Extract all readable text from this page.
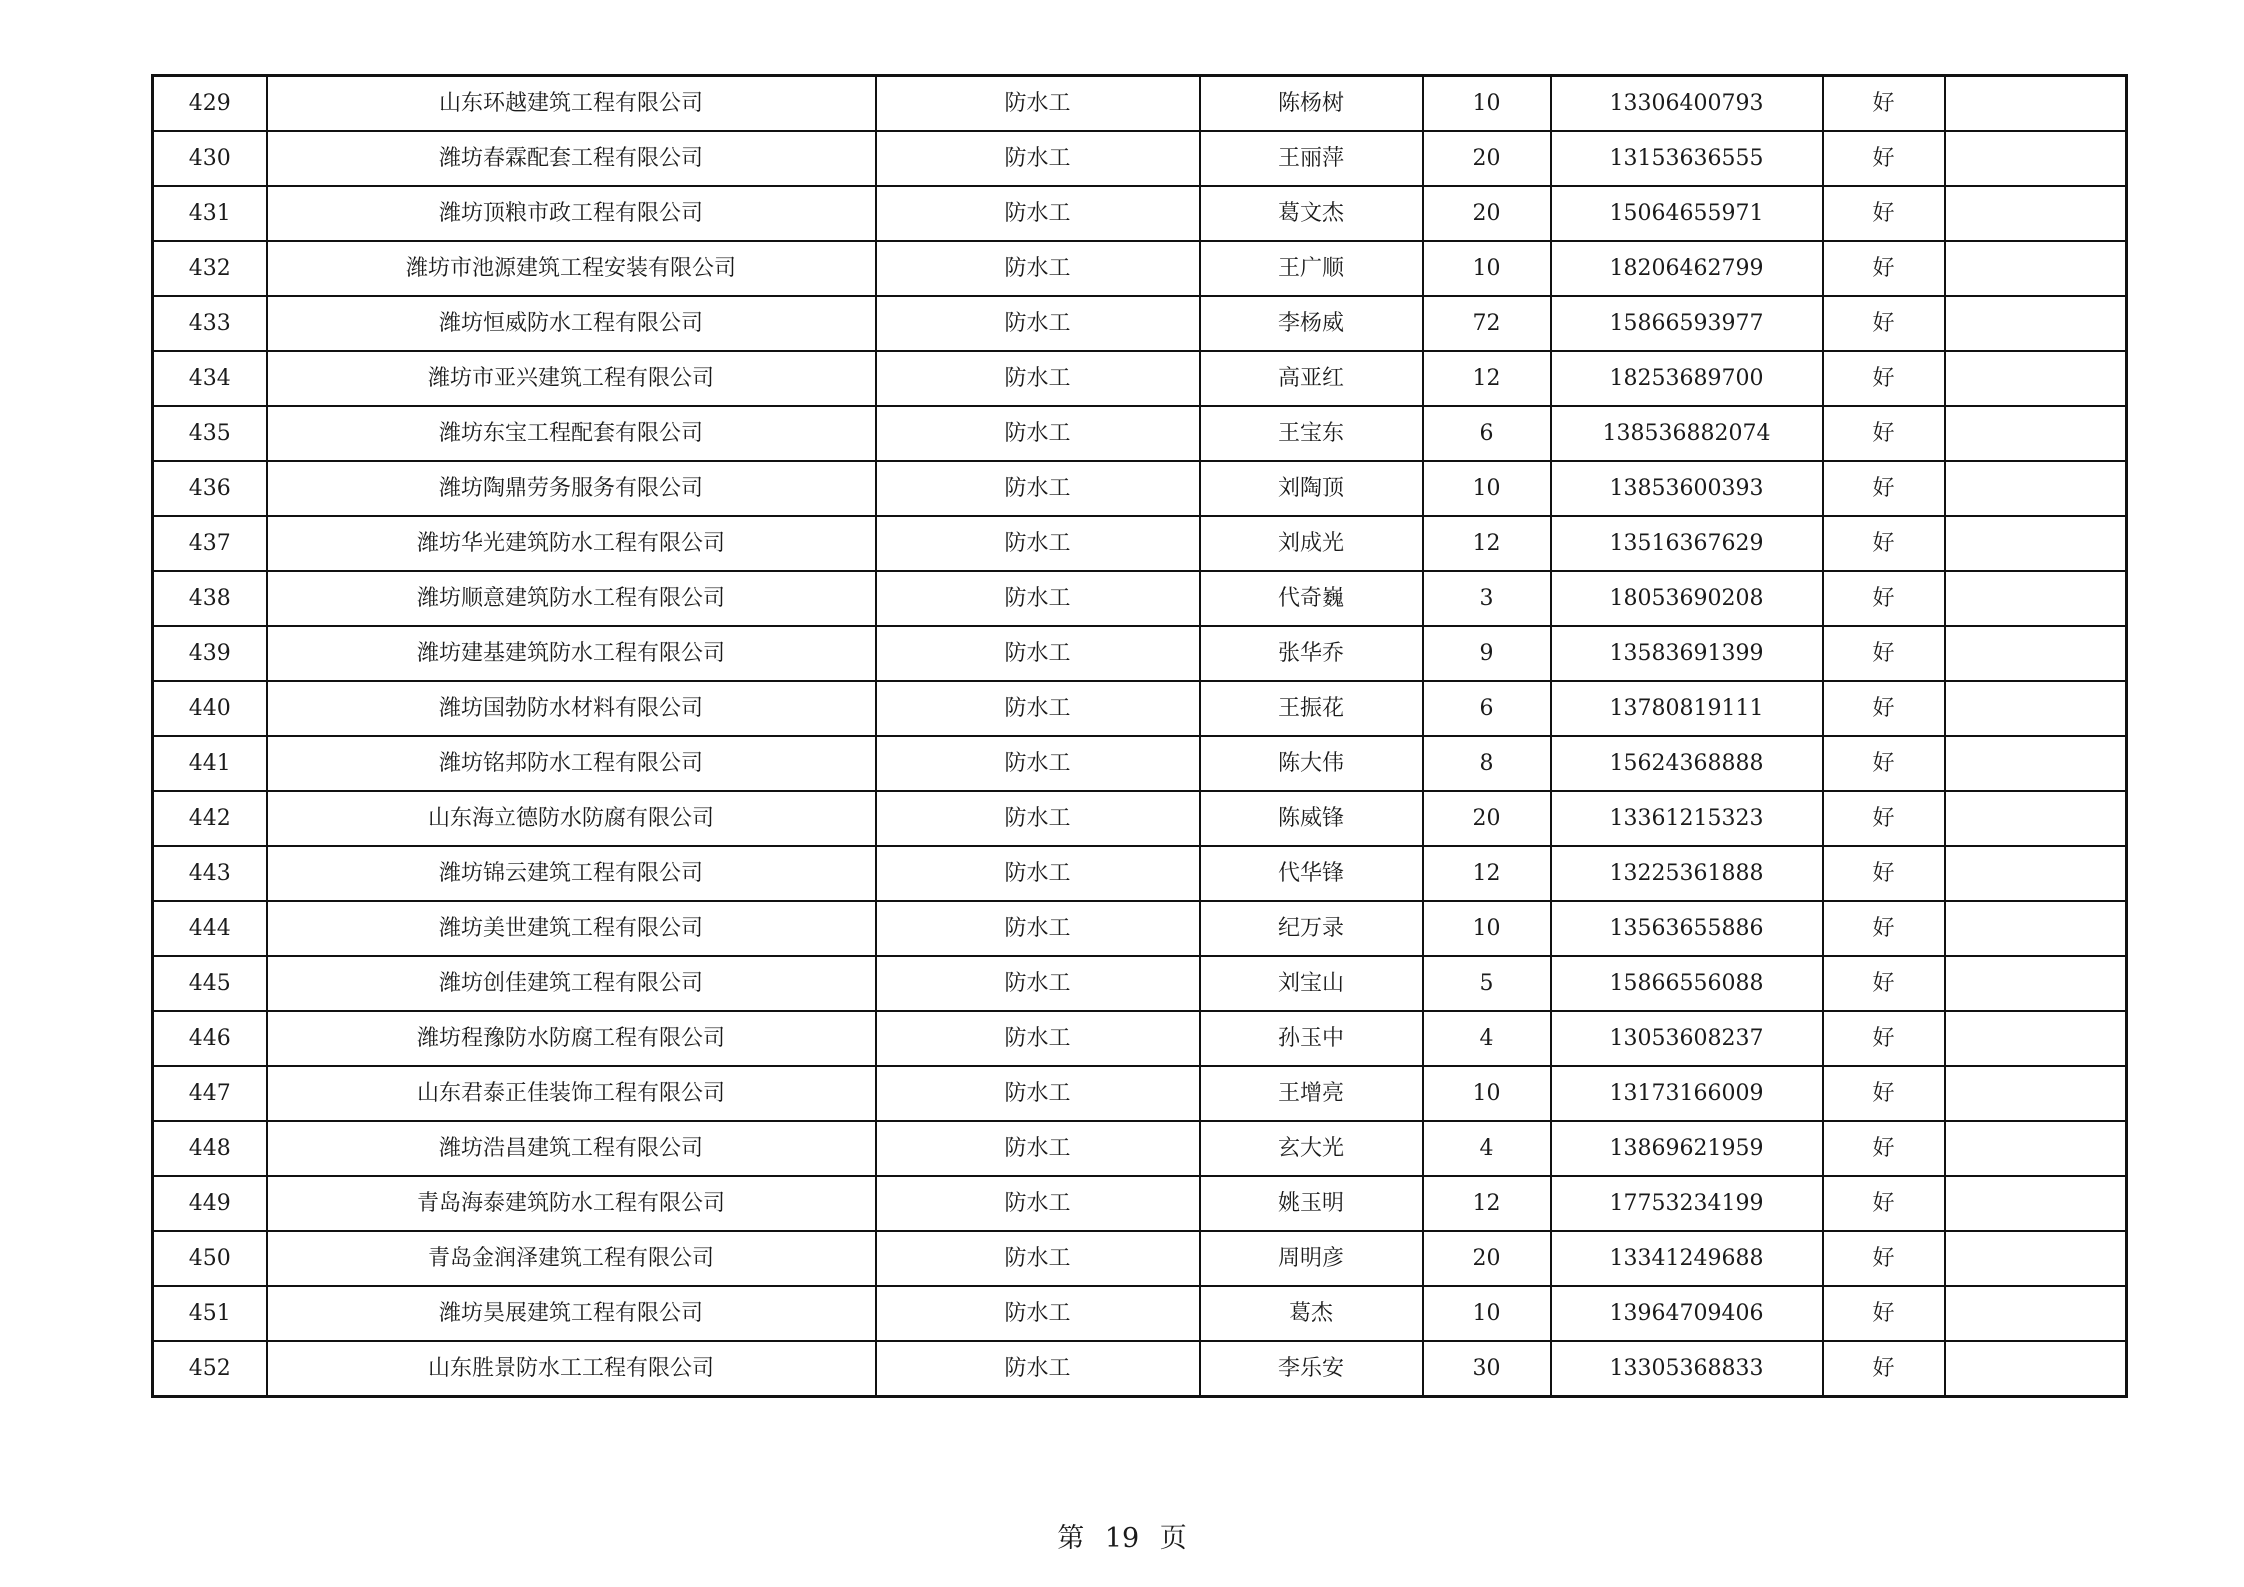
429	山东环越建筑工程有限公司	防水工	陈杨树	10	13306400793	好	
430	潍坊春霖配套工程有限公司	防水工	王丽萍	20	13153636555	好	
431	潍坊顶粮市政工程有限公司	防水工	葛文杰	20	15064655971	好	
432	潍坊市池源建筑工程安装有限公司	防水工	王广顺	10	18206462799	好	
433	潍坊恒威防水工程有限公司	防水工	李杨威	72	15866593977	好	
434	潍坊市亚兴建筑工程有限公司	防水工	高亚红	12	18253689700	好	
435	潍坊东宝工程配套有限公司	防水工	王宝东	6	138536882074	好	
436	潍坊陶鼎劳务服务有限公司	防水工	刘陶顶	10	13853600393	好	
437	潍坊华光建筑防水工程有限公司	防水工	刘成光	12	13516367629	好	
438	潍坊顺意建筑防水工程有限公司	防水工	代奇巍	3	18053690208	好	
439	潍坊建基建筑防水工程有限公司	防水工	张华乔	9	13583691399	好	
440	潍坊国勃防水材料有限公司	防水工	王振花	6	13780819111	好	
441	潍坊铭邦防水工程有限公司	防水工	陈大伟	8	15624368888	好	
442	山东海立德防水防腐有限公司	防水工	陈威锋	20	13361215323	好	
443	潍坊锦云建筑工程有限公司	防水工	代华锋	12	13225361888	好	
444	潍坊美世建筑工程有限公司	防水工	纪万录	10	13563655886	好	
445	潍坊创佳建筑工程有限公司	防水工	刘宝山	5	15866556088	好	
446	潍坊程豫防水防腐工程有限公司	防水工	孙玉中	4	13053608237	好	
447	山东君泰正佳装饰工程有限公司	防水工	王增亮	10	13173166009	好	
448	潍坊浩昌建筑工程有限公司	防水工	玄大光	4	13869621959	好	
449	青岛海泰建筑防水工程有限公司	防水工	姚玉明	12	17753234199	好	
450	青岛金润泽建筑工程有限公司	防水工	周明彦	20	13341249688	好	
451	潍坊昊展建筑工程有限公司	防水工	葛杰	10	13964709406	好	
452	山东胜景防水工工程有限公司	防水工	李乐安	30	13305368833	好	
第 19 页
